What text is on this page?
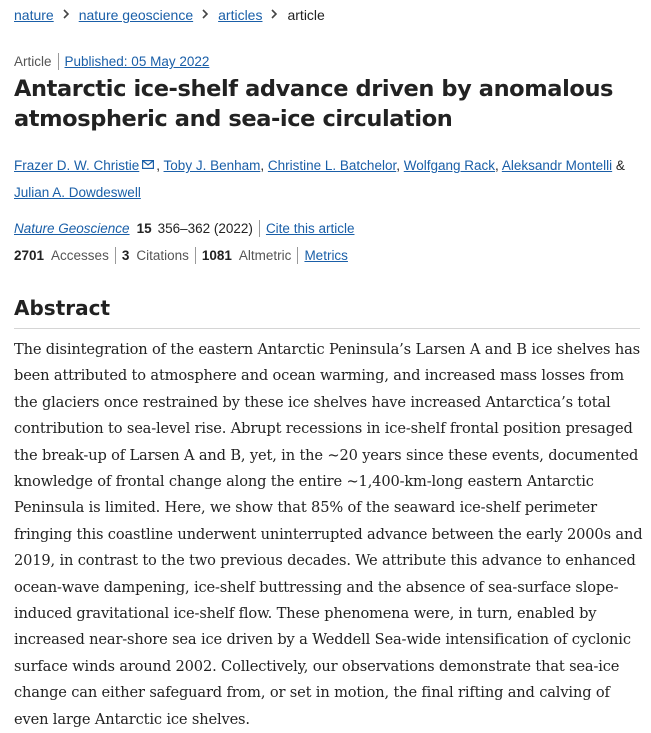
nature nature geoscience articles article
Article Published: 05 May 2022
Antarctic ice-shelf advance driven by anomalous atmospheric and sea-ice circulation
Frazer D. W. Christie , Toby J. Benham, Christine L. Batchelor, Wolfgang Rack, Aleksandr Montelli & Julian A. Dowdeswell
Nature Geoscience 15 356–362 (2022) Cite this article
2701 Accesses 3 Citations 1081 Altmetric Metrics
Abstract

The disintegration of the eastern Antarctic Peninsula’s Larsen A and B ice shelves has been attributed to atmosphere and ocean warming, and increased mass losses from the glaciers once restrained by these ice shelves have increased Antarctica’s total contribution to sea-level rise. Abrupt recessions in ice-shelf frontal position presaged the break-up of Larsen A and B, yet, in the ~20 years since these events, documented knowledge of frontal change along the entire ~1,400-km-long eastern Antarctic Peninsula is limited. Here, we show that 85% of the seaward ice-shelf perimeter fringing this coastline underwent uninterrupted advance between the early 2000s and 2019, in contrast to the two previous decades. We attribute this advance to enhanced ocean-wave dampening, ice-shelf buttressing and the absence of sea-surface slope-induced gravitational ice-shelf flow. These phenomena were, in turn, enabled by increased near-shore sea ice driven by a Weddell Sea-wide intensification of cyclonic surface winds around 2002. Collectively, our observations demonstrate that sea-ice change can either safeguard from, or set in motion, the final rifting and calving of even large Antarctic ice shelves.
